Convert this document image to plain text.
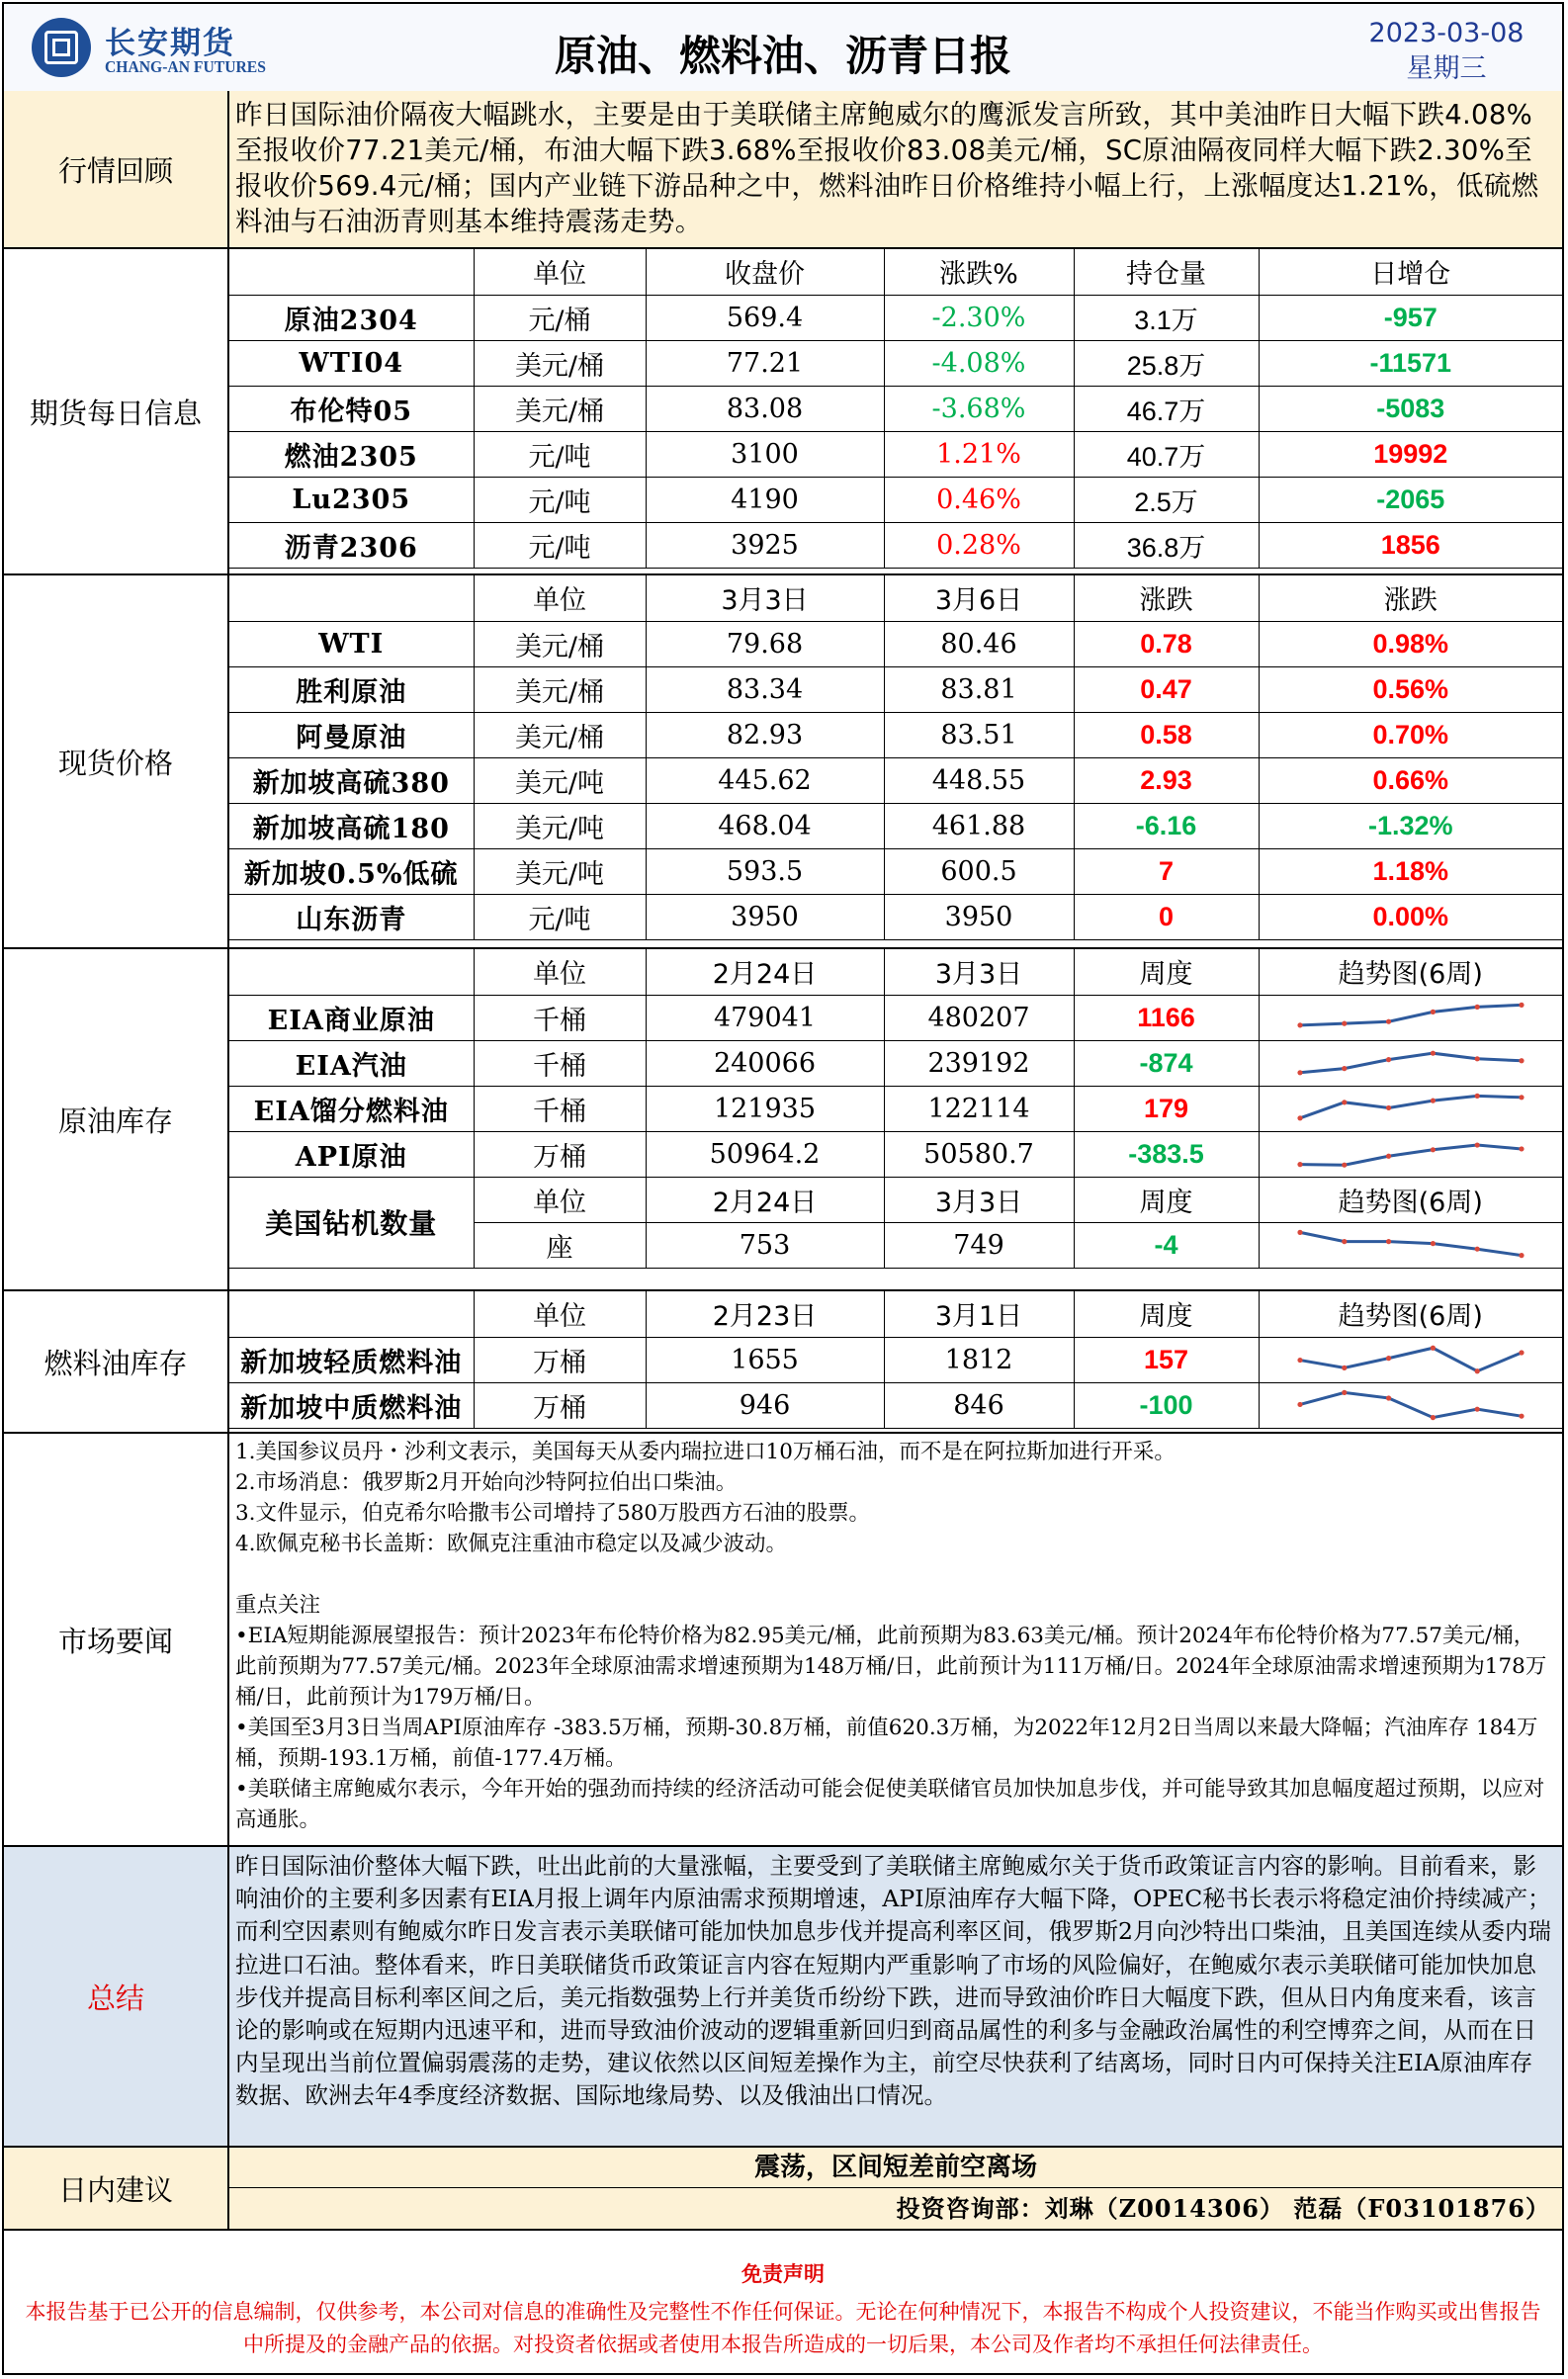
长安期货
CHANG-AN FUTURES	原油、燃料油、沥青日报	2023-03-08
星期三
行情回顾
昨日国际油价隔夜大幅跳水，主要是由于美联储主席鲍威尔的鹰派发言所致，其中美油昨日大幅下跌4.08%至报收价77.21美元/桶，布油大幅下跌3.68%至报收价83.08美元/桶，SC原油隔夜同样大幅下跌2.30%至报收价569.4元/桶；国内产业链下游品种之中，燃料油昨日价格维持小幅上行，上涨幅度达1.21%，低硫燃料油与石油沥青则基本维持震荡走势。
期货每日信息
	单位	收盘价	涨跌%	持仓量	日增仓
原油2304	元/桶	569.4	-2.30%	3.1万	-957
WTI04	美元/桶	77.21	-4.08%	25.8万	-11571
布伦特05	美元/桶	83.08	-3.68%	46.7万	-5083
燃油2305	元/吨	3100	1.21%	40.7万	19992
Lu2305	元/吨	4190	0.46%	2.5万	-2065
沥青2306	元/吨	3925	0.28%	36.8万	1856
现货价格
	单位	3月3日	3月6日	涨跌	涨跌
WTI	美元/桶	79.68	80.46	0.78	0.98%
胜利原油	美元/桶	83.34	83.81	0.47	0.56%
阿曼原油	美元/桶	82.93	83.51	0.58	0.70%
新加坡高硫380	美元/吨	445.62	448.55	2.93	0.66%
新加坡高硫180	美元/吨	468.04	461.88	-6.16	-1.32%
新加坡0.5%低硫	美元/吨	593.5	600.5	7	1.18%
山东沥青	元/吨	3950	3950	0	0.00%
原油库存
	单位	2月24日	3月3日	周度	趋势图(6周)
EIA商业原油	千桶	479041	480207	1166	

EIA汽油	千桶	240066	239192	-874	

EIA馏分燃料油	千桶	121935	122114	179	

API原油	万桶	50964.2	50580.7	-383.5	

美国钻机数量	单位	2月24日	3月3日	周度	趋势图(6周)
	座	753	749	-4	
燃料油库存
	单位	2月23日	3月1日	周度	趋势图(6周)
新加坡轻质燃料油	万桶	1655	1812	157	

新加坡中质燃料油	万桶	946	846	-100	
市场要闻
1.美国参议员丹・沙利文表示，美国每天从委内瑞拉进口10万桶石油，而不是在阿拉斯加进行开采。
2.市场消息：俄罗斯2月开始向沙特阿拉伯出口柴油。
3.文件显示，伯克希尔哈撒韦公司增持了580万股西方石油的股票。
4.欧佩克秘书长盖斯：欧佩克注重油市稳定以及减少波动。
重点关注
•EIA短期能源展望报告：预计2023年布伦特价格为82.95美元/桶，此前预期为83.63美元/桶。预计2024年布伦特价格为77.57美元/桶，此前预期为77.57美元/桶。2023年全球原油需求增速预期为148万桶/日，此前预计为111万桶/日。2024年全球原油需求增速预期为178万桶/日，此前预计为179万桶/日。
•美国至3月3日当周API原油库存 -383.5万桶，预期-30.8万桶，前值620.3万桶，为2022年12月2日当周以来最大降幅；汽油库存 184万桶，预期-193.1万桶，前值-177.4万桶。
•美联储主席鲍威尔表示，今年开始的强劲而持续的经济活动可能会促使美联储官员加快加息步伐，并可能导致其加息幅度超过预期，以应对高通胀。
总结
昨日国际油价整体大幅下跌，吐出此前的大量涨幅，主要受到了美联储主席鲍威尔关于货币政策证言内容的影响。目前看来，影响油价的主要利多因素有EIA月报上调年内原油需求预期增速，API原油库存大幅下降，OPEC秘书长表示将稳定油价持续减产；而利空因素则有鲍威尔昨日发言表示美联储可能加快加息步伐并提高利率区间，俄罗斯2月向沙特出口柴油，且美国连续从委内瑞拉进口石油。整体看来，昨日美联储货币政策证言内容在短期内严重影响了市场的风险偏好，在鲍威尔表示美联储可能加快加息步伐并提高目标利率区间之后，美元指数强势上行并美货币纷纷下跌，进而导致油价昨日大幅度下跌，但从日内角度来看，该言论的影响或在短期内迅速平和，进而导致油价波动的逻辑重新回归到商品属性的利多与金融政治属性的利空博弈之间，从而在日内呈现出当前位置偏弱震荡的走势，建议依然以区间短差操作为主，前空尽快获利了结离场，同时日内可保持关注EIA原油库存数据、欧洲去年4季度经济数据、国际地缘局势、以及俄油出口情况。
日内建议
震荡，区间短差前空离场
投资咨询部：刘琳（Z0014306） 范磊（F03101876）
免责声明
本报告基于已公开的信息编制，仅供参考，本公司对信息的准确性及完整性不作任何保证。无论在何种情况下，本报告不构成个人投资建议，不能当作购买或出售报告中所提及的金融产品的依据。对投资者依据或者使用本报告所造成的一切后果，本公司及作者均不承担任何法律责任。
